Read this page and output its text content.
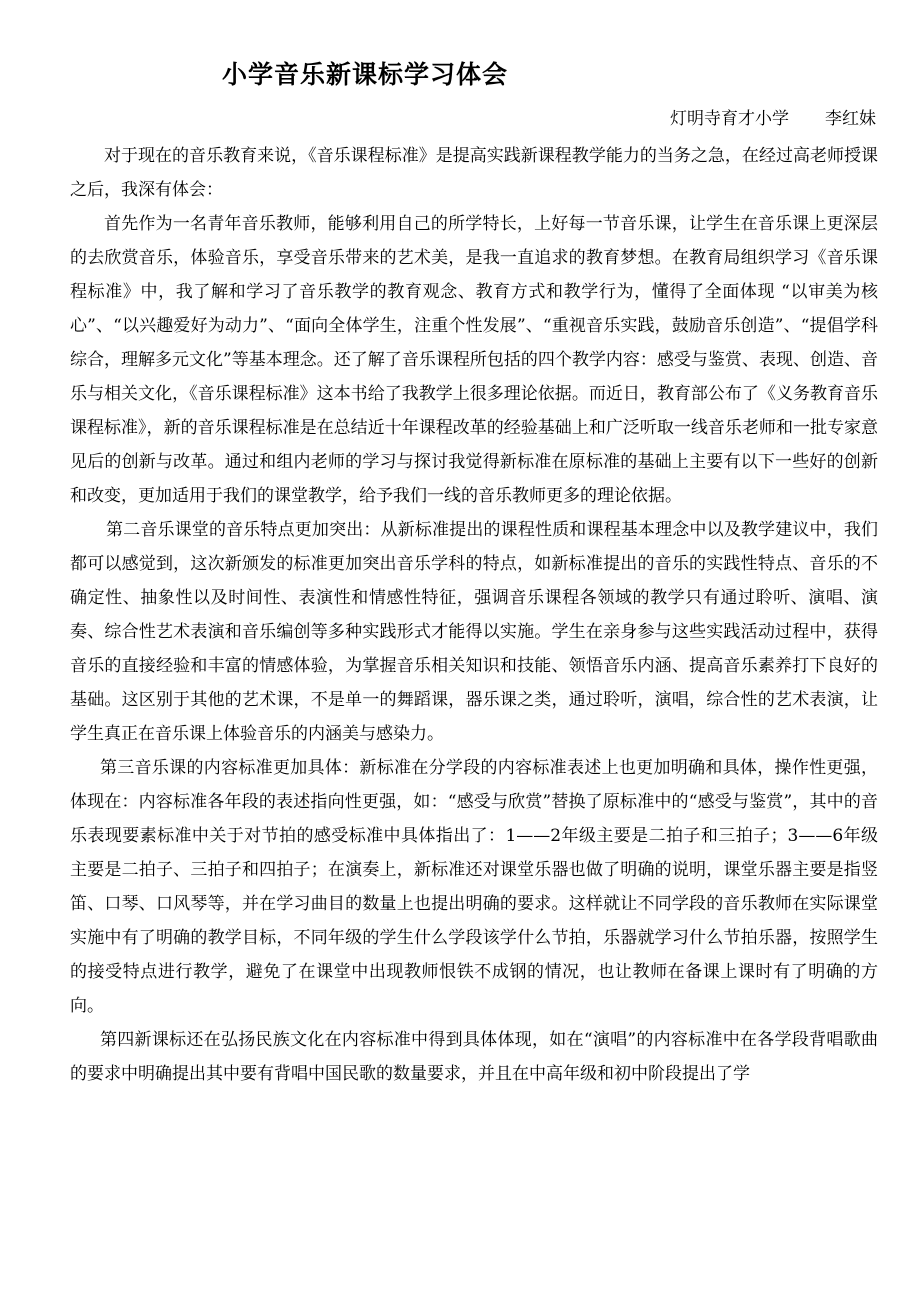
小学音乐新课标学习体会
灯明寺育才小学 李红妹

对于现在的音乐教育来说，《音乐课程标准》是提高实践新课程教学能力的当务之急，在经过高老师授课之后，我深有体会：

首先作为一名青年音乐教师，能够利用自己的所学特长，上好每一节音乐课，让学生在音乐课上更深层的去欣赏音乐，体验音乐，享受音乐带来的艺术美，是我一直追求的教育梦想。在教育局组织学习《音乐课程标准》中，我了解和学习了音乐教学的教育观念、教育方式和教学行为，懂得了全面体现 “以审美为核心”、“以兴趣爱好为动力”、“面向全体学生，注重个性发展”、“重视音乐实践，鼓励音乐创造”、“提倡学科综合，理解多元文化”等基本理念。还了解了音乐课程所包括的四个教学内容：感受与鉴赏、表现、创造、音乐与相关文化，《音乐课程标准》这本书给了我教学上很多理论依据。而近日，教育部公布了《义务教育音乐课程标准》，新的音乐课程标准是在总结近十年课程改革的经验基础上和广泛听取一线音乐老师和一批专家意见后的创新与改革。通过和组内老师的学习与探讨我觉得新标准在原标准的基础上主要有以下一些好的创新和改变，更加适用于我们的课堂教学，给予我们一线的音乐教师更多的理论依据。

第二音乐课堂的音乐特点更加突出：从新标准提出的课程性质和课程基本理念中以及教学建议中，我们都可以感觉到，这次新颁发的标准更加突出音乐学科的特点，如新标准提出的音乐的实践性特点、音乐的不确定性、抽象性以及时间性、表演性和情感性特征，强调音乐课程各领域的教学只有通过聆听、演唱、演奏、综合性艺术表演和音乐编创等多种实践形式才能得以实施。学生在亲身参与这些实践活动过程中，获得音乐的直接经验和丰富的情感体验，为掌握音乐相关知识和技能、领悟音乐内涵、提高音乐素养打下良好的基础。这区别于其他的艺术课，不是单一的舞蹈课，器乐课之类，通过聆听，演唱，综合性的艺术表演，让学生真正在音乐课上体验音乐的内涵美与感染力。

第三音乐课的内容标准更加具体：新标准在分学段的内容标准表述上也更加明确和具体，操作性更强，体现在：内容标准各年段的表述指向性更强，如：“感受与欣赏”替换了原标准中的“感受与鉴赏”，其中的音乐表现要素标准中关于对节拍的感受标准中具体指出了：1——2年级主要是二拍子和三拍子；3——6年级主要是二拍子、三拍子和四拍子；在演奏上，新标准还对课堂乐器也做了明确的说明，课堂乐器主要是指竖笛、口琴、口风琴等，并在学习曲目的数量上也提出明确的要求。这样就让不同学段的音乐教师在实际课堂实施中有了明确的教学目标，不同年级的学生什么学段该学什么节拍，乐器就学习什么节拍乐器，按照学生的接受特点进行教学，避免了在课堂中出现教师恨铁不成钢的情况，也让教师在备课上课时有了明确的方向。

第四新课标还在弘扬民族文化在内容标准中得到具体体现，如在“演唱”的内容标准中在各学段背唱歌曲的要求中明确提出其中要有背唱中国民歌的数量要求，并且在中高年级和初中阶段提出了学
